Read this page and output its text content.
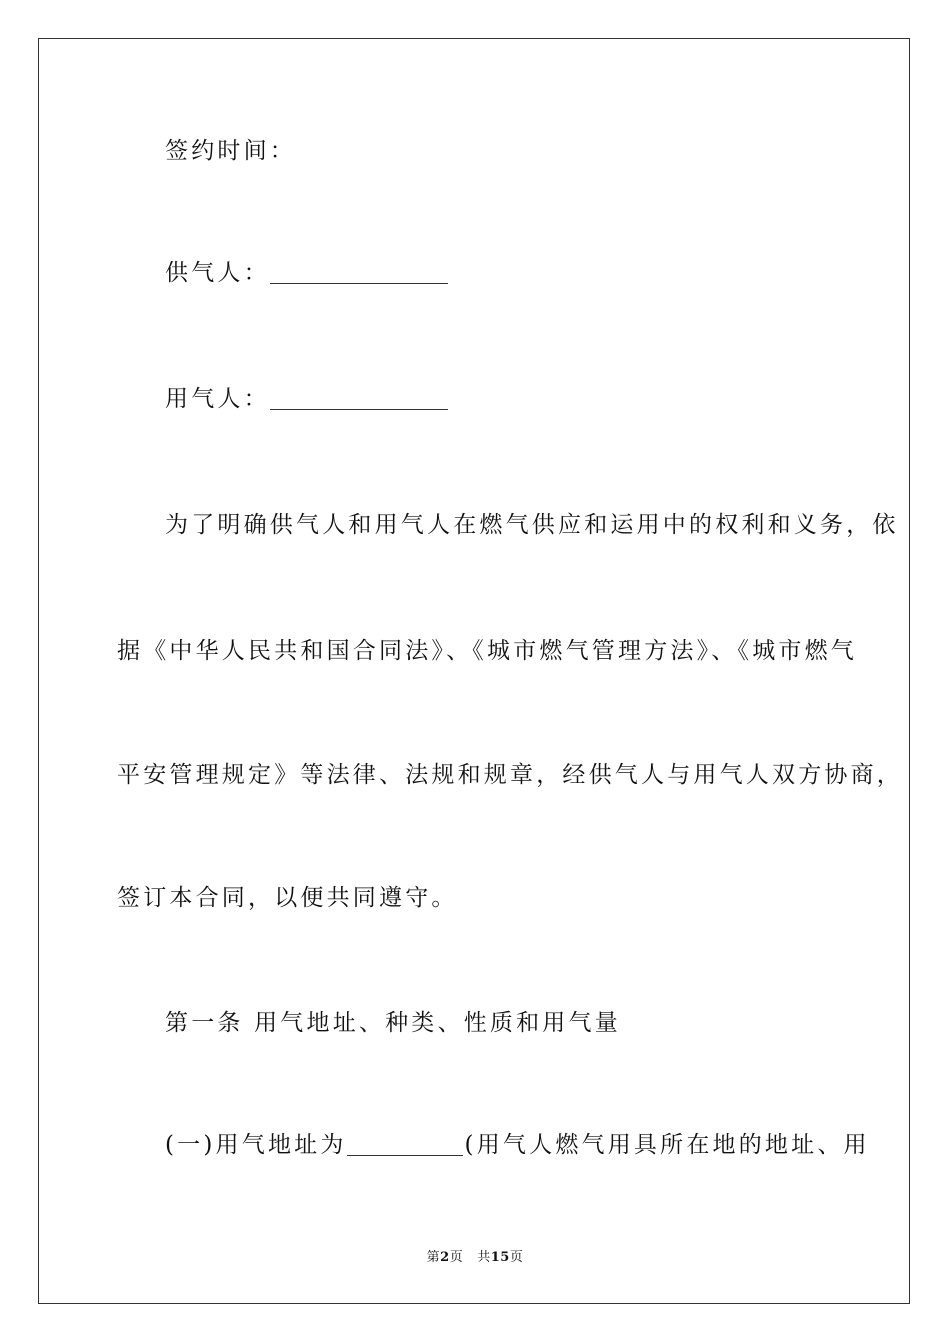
签约时间：
供气人：
用气人：
为了明确供气人和用气人在燃气供应和运用中的权利和义务，依
据《中华人民共和国合同法》、《城市燃气管理方法》、《城市燃气
平安管理规定》等法律、法规和规章，经供气人与用气人双方协商，
签订本合同，以便共同遵守。
第一条 用气地址、种类、性质和用气量
(一)用气地址为	(用气人燃气用具所在地的地址、用
第2页 共15页
